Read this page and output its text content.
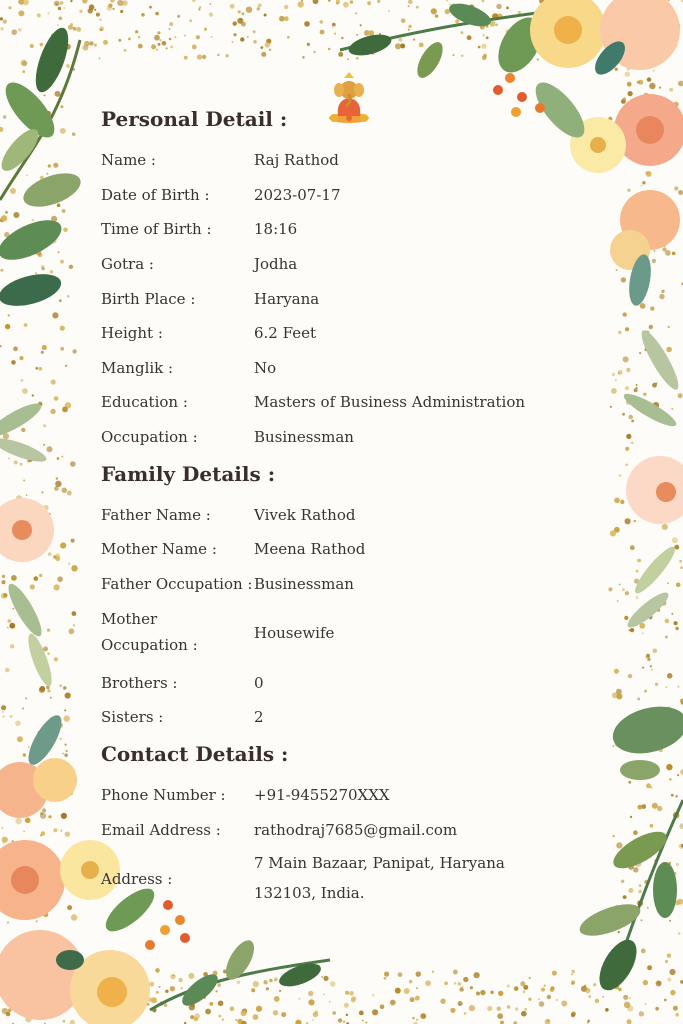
Personal Detail :
Name :	Raj Rathod
Date of Birth :	2023-07-17
Time of Birth :	18:16
Gotra :	Jodha
Birth Place :	Haryana
Height :	6.2 Feet
Manglik :	No
Education :	Masters of Business Administration
Occupation :	Businessman
Family Details :
Father Name :	Vivek Rathod
Mother Name :	Meena Rathod
Father Occupation : Businessman
Mother Occupation :
Housewife
Brothers :	0
Sisters :	2
Contact Details :
Phone Number :	+91-9455270XXX
Email Address :	rathodraj7685@gmail.com
Address :
7 Main Bazaar, Panipat, Haryana 132103, India.
